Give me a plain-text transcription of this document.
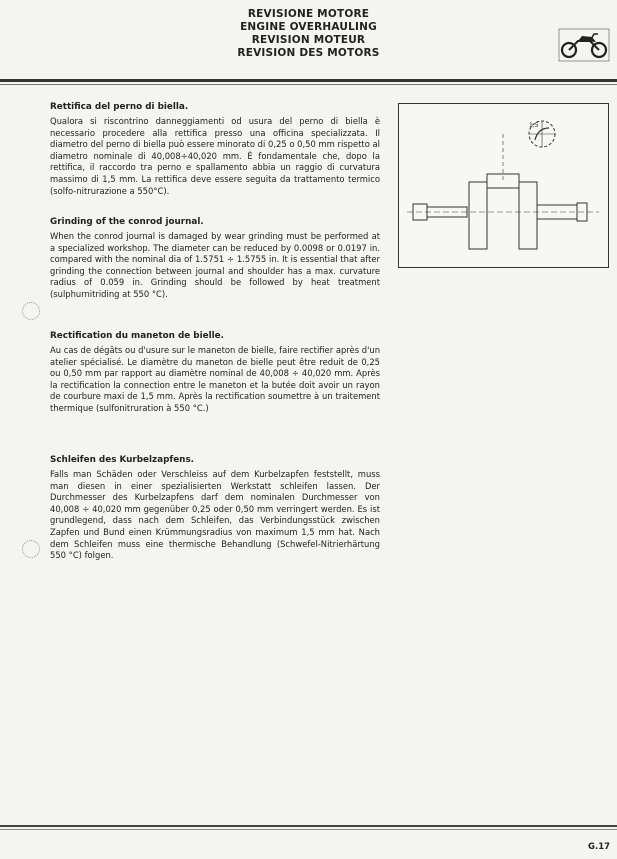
REVISIONE MOTORE
ENGINE OVERHAULING
REVISION MOTEUR
REVISION DES MOTORS
Rettifica del perno di biella.

Qualora si riscontrino danneggiamenti od usura del perno di biella è necessario procedere alla rettifica presso una officina specializzata. Il diametro del perno di biella può essere minorato di 0,25 o 0,50 mm rispetto al diametro nominale di 40,008÷40,020 mm. È fondamentale che, dopo la rettifica, il raccordo tra perno e spallamento abbia un raggio di curvatura massimo di 1,5 mm. La rettifica deve essere seguita da trattamento termico (solfo-nitrurazione a 550°C).

Grinding of the conrod journal.

When the conrod journal is damaged by wear grinding must be performed at a specialized workshop. The diameter can be reduced by 0.0098 or 0.0197 in. compared with the nominal dia of 1.5751 ÷ 1.5755 in. It is essential that after grinding the connection between journal and shoulder has a max. curvature radius of 0.059 in. Grinding should be followed by heat treatment (sulphurnitriding at 550 °C).

Rectification du maneton de bielle.

Au cas de dégâts ou d'usure sur le maneton de bielle, faire rectifier après d'un atelier spécialisé. Le diamètre du maneton de bielle peut être reduit de 0,25 ou 0,50 mm par rapport au diamètre nominal de 40,008 ÷ 40,020 mm. Après la rectification la connection entre le maneton et la butée doit avoir un rayon de courbure maxi de 1,5 mm. Après la rectification soumettre à un traitement thermique (sulfonitruration à 550 °C.)

Schleifen des Kurbelzapfens.

Falls man Schäden oder Verschleiss auf dem Kurbelzapfen feststellt, muss man diesen in einer spezialisierten Werkstatt schleifen lassen. Der Durchmesser des Kurbelzapfens darf dem nominalen Durchmesser von 40,008 ÷ 40,020 mm gegenüber 0,25 oder 0,50 mm verringert werden. Es ist grundlegend, dass nach dem Schleifen, das Verbindungsstück zwischen Zapfen und Bund einen Krümmungsradius von maximum 1,5 mm hat. Nach dem Schleifen muss eine thermische Behandlung (Schwefel-Nitrierhärtung 550 °C) folgen.

1,5
G.17
